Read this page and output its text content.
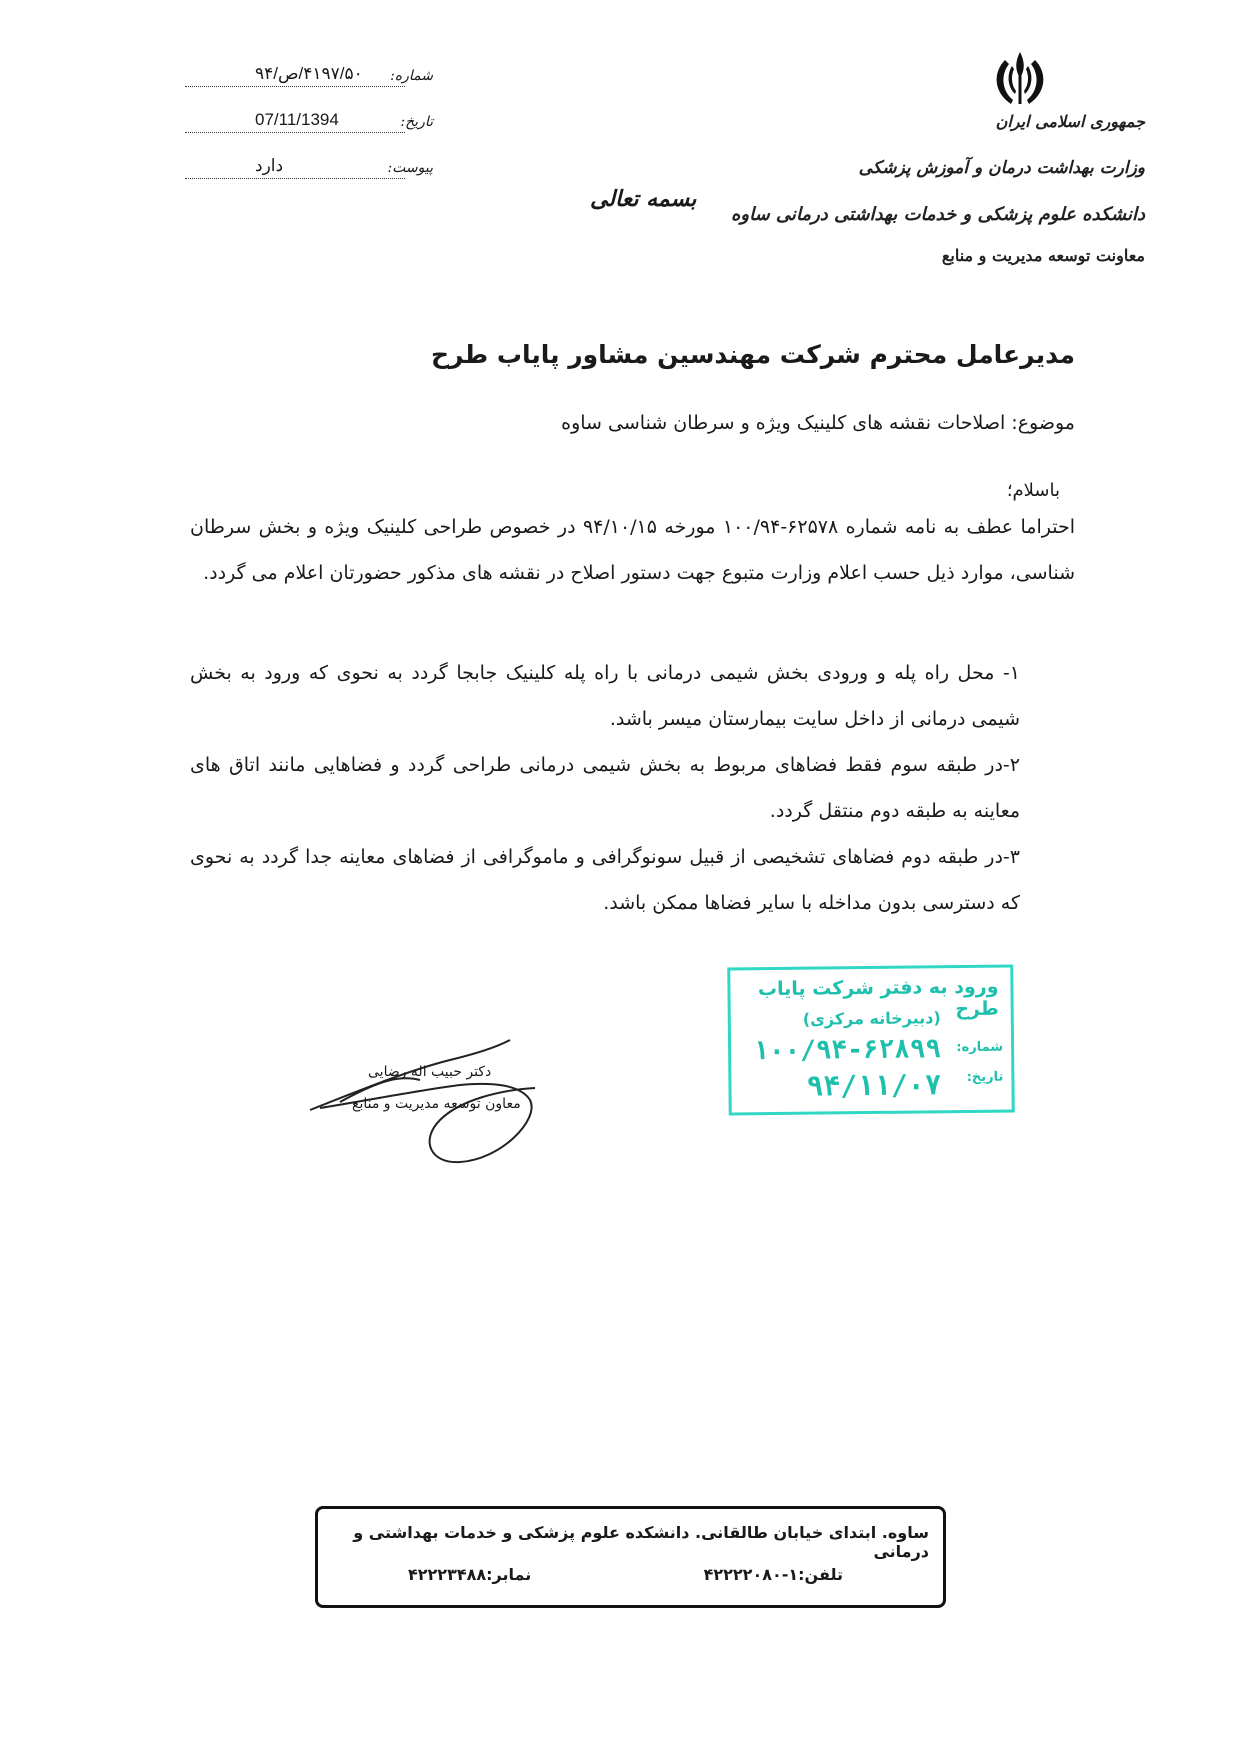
جمهوری اسلامی ایران
وزارت بهداشت درمان و آموزش پزشکی
دانشکده علوم پزشکی و خدمات بهداشتی درمانی ساوه
معاونت توسعه مدیریت و منابع
شماره:
۴۱۹۷/۵۰/ص/۹۴
تاریخ:
07/11/1394
پیوست:
دارد
بسمه تعالی
مدیرعامل محترم شرکت مهندسین مشاور پایاب طرح
موضوع: اصلاحات نقشه های کلینیک ویژه و سرطان شناسی ساوه
باسلام؛
احتراما عطف به نامه شماره ۶۲۵۷۸-۱۰۰/۹۴ مورخه ۹۴/۱۰/۱۵ در خصوص طراحی کلینیک ویژه و بخش سرطان شناسی، موارد ذیل حسب اعلام وزارت متبوع جهت دستور اصلاح در نقشه های مذکور حضورتان اعلام می گردد.
۱- محل راه پله و ورودی بخش شیمی درمانی با راه پله کلینیک جابجا گردد به نحوی که ورود به بخش شیمی درمانی از داخل سایت بیمارستان میسر باشد.
۲-در طبقه سوم فقط فضاهای مربوط به بخش شیمی درمانی طراحی گردد و فضاهایی مانند اتاق های معاینه به طبقه دوم منتقل گردد.
۳-در طبقه دوم فضاهای تشخیصی از قبیل سونوگرافی و ماموگرافی از فضاهای معاینه جدا گردد به نحوی که دسترسی بدون مداخله با سایر فضاها ممکن باشد.
ورود به دفتر شرکت پایاب طرح
(دبیرخانه مرکزی)
شماره:
۱۰۰/۹۴-۶۲۸۹۹
تاریخ:
۹۴/۱۱/۰۷
دکتر حبیب اله رضایی
معاون توسعه مدیریت و منابع
ساوه. ابتدای خیابان طالقانی. دانشکده علوم پزشکی و خدمات بهداشتی و درمانی
تلفن:۱-۴۲۲۲۲۰۸۰
نمابر:۴۲۲۲۳۴۸۸
